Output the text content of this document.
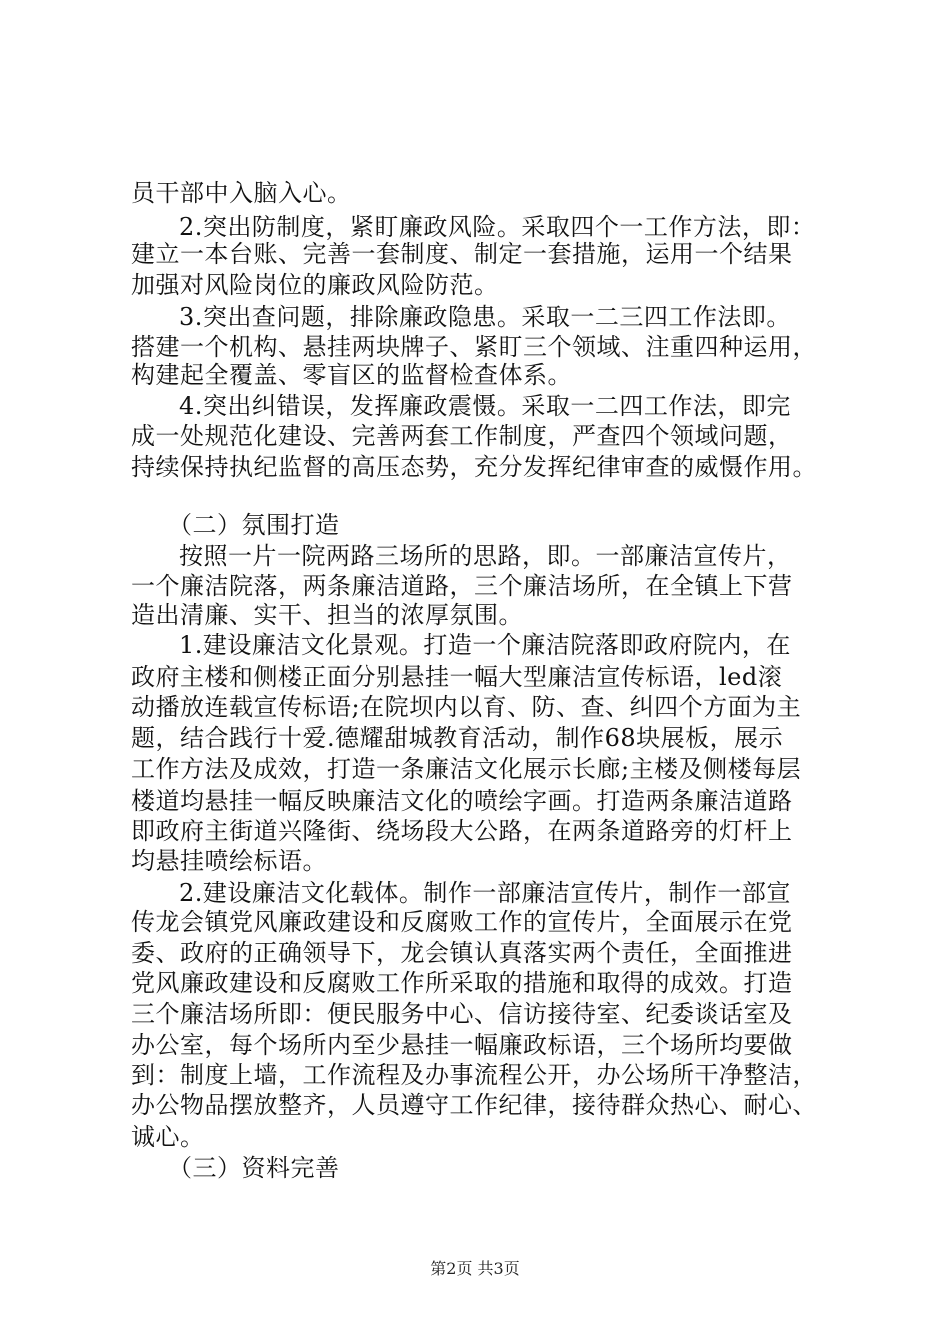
员干部中入脑入心。
2.突出防制度，紧盯廉政风险。采取四个一工作方法，即：
建立一本台账、完善一套制度、制定一套措施，运用一个结果
加强对风险岗位的廉政风险防范。
3.突出查问题，排除廉政隐患。采取一二三四工作法即。
搭建一个机构、悬挂两块牌子、紧盯三个领域、注重四种运用，
构建起全覆盖、零盲区的监督检查体系。
4.突出纠错误，发挥廉政震慑。采取一二四工作法，即完
成一处规范化建设、完善两套工作制度，严查四个领域问题，
持续保持执纪监督的高压态势，充分发挥纪律审查的威慑作用。
（二）氛围打造
按照一片一院两路三场所的思路，即。一部廉洁宣传片，
一个廉洁院落，两条廉洁道路，三个廉洁场所，在全镇上下营
造出清廉、实干、担当的浓厚氛围。
1.建设廉洁文化景观。打造一个廉洁院落即政府院内，在
政府主楼和侧楼正面分别悬挂一幅大型廉洁宣传标语，led滚
动播放连载宣传标语;在院坝内以育、防、查、纠四个方面为主
题，结合践行十爱.德耀甜城教育活动，制作68块展板，展示
工作方法及成效，打造一条廉洁文化展示长廊;主楼及侧楼每层
楼道均悬挂一幅反映廉洁文化的喷绘字画。打造两条廉洁道路
即政府主街道兴隆街、绕场段大公路，在两条道路旁的灯杆上
均悬挂喷绘标语。
2.建设廉洁文化载体。制作一部廉洁宣传片，制作一部宣
传龙会镇党风廉政建设和反腐败工作的宣传片，全面展示在党
委、政府的正确领导下，龙会镇认真落实两个责任，全面推进
党风廉政建设和反腐败工作所采取的措施和取得的成效。打造
三个廉洁场所即：便民服务中心、信访接待室、纪委谈话室及
办公室，每个场所内至少悬挂一幅廉政标语，三个场所均要做
到：制度上墙，工作流程及办事流程公开，办公场所干净整洁，
办公物品摆放整齐，人员遵守工作纪律，接待群众热心、耐心、
诚心。
（三）资料完善
第2页 共3页
